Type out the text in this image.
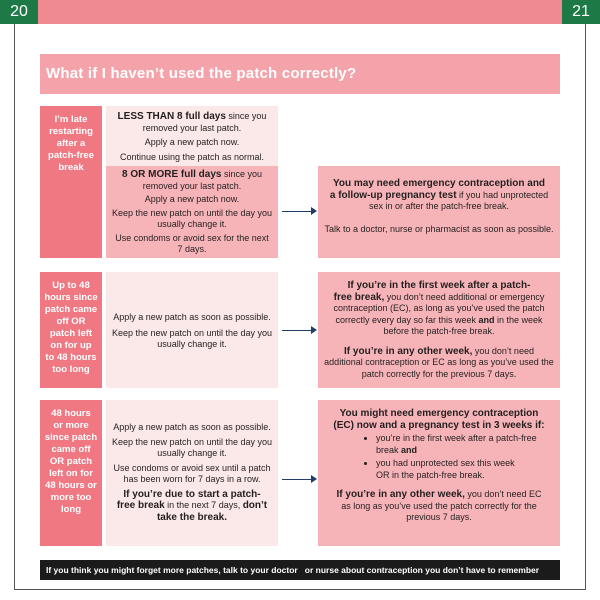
20	21
What if I haven’t used the patch correctly?
I’m late
restarting
after a
patch-free
break
LESS THAN 8 full days since you
removed your last patch.
Apply a new patch now.
Continue using the patch as normal.
8 OR MORE full days since you
removed your last patch.
Apply a new patch now.
Keep the new patch on until the day you
usually change it.
Use condoms or avoid sex for the next
7 days.
You may need emergency contraception and
a follow-up pregnancy test if you had unprotected
sex in or after the patch-free break.
Talk to a doctor, nurse or pharmacist as soon as possible.
Up to 48
hours since
patch came
off OR
patch left
on for up
to 48 hours
too long
Apply a new patch as soon as possible.
Keep the new patch on until the day you
usually change it.
If you’re in the first week after a patch-
free break, you don’t need additional or emergency
contraception (EC), as long as you’ve used the patch
correctly every day so far this week and in the week
before the patch-free break.
If you’re in any other week, you don’t need
additional contraception or EC as long as you’ve used the
patch correctly for the previous 7 days.
48 hours
or more
since patch
came off
OR patch
left on for
48 hours or
more too
long
Apply a new patch as soon as possible.
Keep the new patch on until the day you
usually change it.
Use condoms or avoid sex until a patch
has been worn for 7 days in a row.
If you’re due to start a patch-
free break in the next 7 days, don’t
take the break.
You might need emergency contraception
(EC) now and a pregnancy test in 3 weeks if:
• you’re in the first week after a patch-free
break and
• you had unprotected sex this week
OR in the patch-free break.
If you’re in any other week, you don’t need EC
as long as you’ve used the patch correctly for the
previous 7 days.
If you think you might forget more patches, talk to your doctor   or nurse about contraception you don’t have to remember
